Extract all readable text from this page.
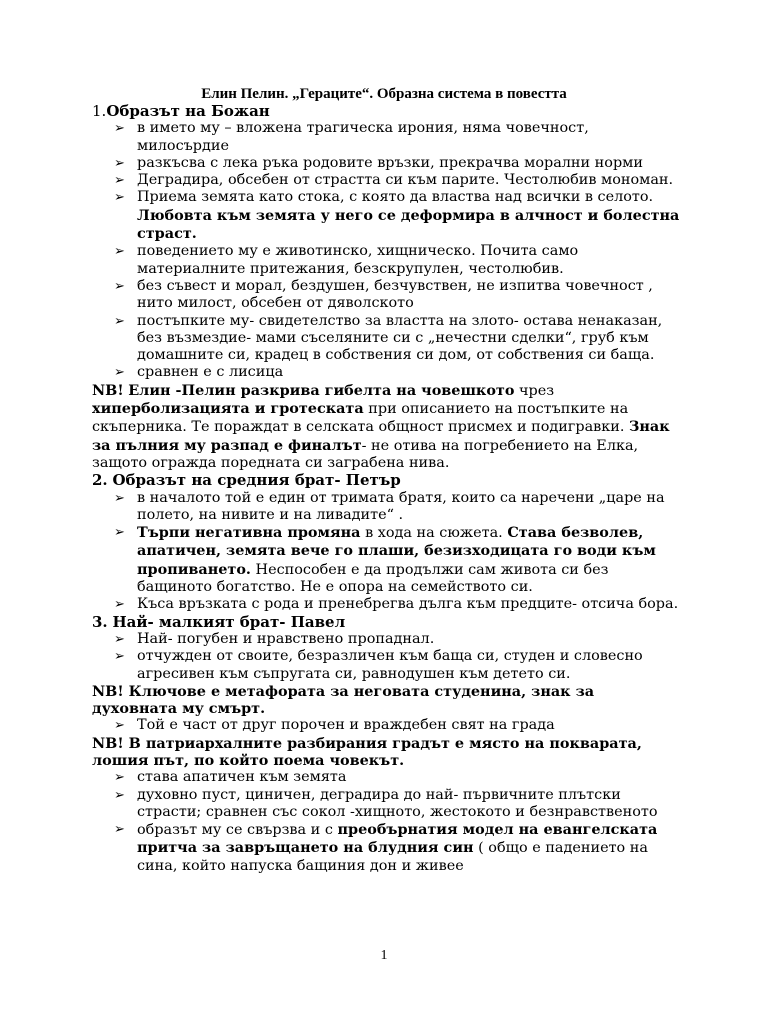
Елин Пелин. „Гераците“. Образна система в повестта

1.Образът на Божан

➢ в името му – вложена трагическа ирония, няма човечност, милосърдие
➢ разкъсва с лека ръка родовите връзки, прекрачва морални норми
➢ Деградира, обсебен от страстта си към парите. Честолюбив мономан.
➢ Приема земята като стока, с която да властва над всички в селото. Любовта към земята у него се деформира в алчност и болестна страст.
➢ поведението му е животинско, хищническо. Почита само материалните притежания, безскрупулен, честолюбив.
➢ без съвест и морал, бездушен, безчувствен, не изпитва човечност , нито милост, обсебен от дяволското
➢ постъпките му- свидетелство за властта на злото- остава ненаказан, без възмездие- мами съселяните си с „нечестни сделки“, груб към домашните си, крадец в собствения си дом, от собствения си баща.
➢ сравнен е с лисица

NB! Елин -Пелин разкрива гибелта на човешкото чрез хиперболизацията и гротеската при описанието на постъпките на скъперника. Те пораждат в селската общност присмех и подигравки. Знак за пълния му разпад е финалът- не отива на погребението на Елка, защото огражда поредната си заграбена нива.

2. Образът на средния брат- Петър

➢ в началото той е един от тримата братя, които са наречени „царе на полето, на нивите и на ливадите“ .
➢ Търпи негативна промяна в хода на сюжета. Става безволев, апатичен, земята вече го плаши, безизходицата го води към пропиването. Неспособен е да продължи сам живота си без бащиното богатство. Не е опора на семейството си.
➢ Къса връзката с рода и пренебрегва дълга към предците- отсича бора.

3. Най- малкият брат- Павел

➢ Най- погубен и нравствено пропаднал.
➢ отчужден от своите, безразличен към баща си, студен и словесно агресивен към съпругата си, равнодушен към детето си.

NB! Ключове е метафората за неговата студенина, знак за духовната му смърт.

➢ Той е част от друг порочен и враждебен свят на града

NB! В патриархалните разбирания градът е място на покварата, лошия път, по който поема човекът.

➢ става апатичен към земята
➢ духовно пуст, циничен, деградира до най- първичните плътски страсти; сравнен със сокол -хищното, жестокото и безнравственото
➢ образът му се свързва и с преобърнатия модел на евангелската притча за завръщането на блудния син ( общо е падението на сина, който напуска бащиния дон и живее
1
